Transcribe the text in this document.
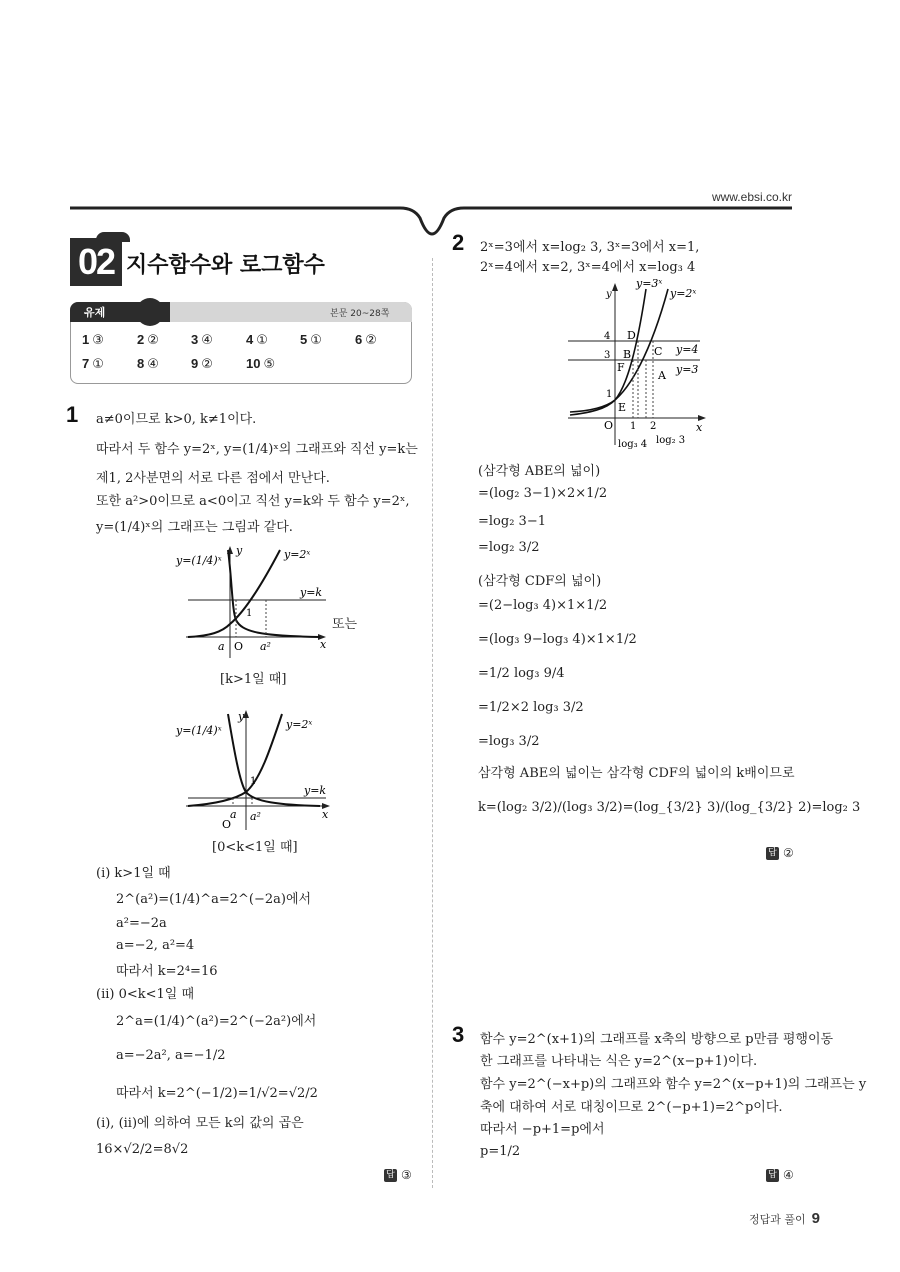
www.ebsi.co.kr
02 지수함수와 로그함수
유제	본문 20~28쪽
1 ③	2 ② 3 ④	4 ① 5 ①	6 ②
7 ①	8 ④ 9 ②	10 ⑤
1 a≠0이므로 k>0, k≠1이다.
따라서 두 함수 y=2ˣ, y=(1/4)ˣ의 그래프와 직선 y=k는
제1, 2사분면의 서로 다른 점에서 만난다.
또한 a²>0이므로 a<0이고 직선 y=k와 두 함수 y=2ˣ,
y=(1/4)ˣ의 그래프는 그림과 같다.
y=(1/4)ˣ	y=2ˣ
y=k
y
x
1
a O a²
또는
[k>1일 때]
y=(1/4)ˣ	y=2ˣ
y=k
y
x
1
a a²
O
[0<k<1일 때]
(i) k>1일 때
2^(a²)=(1/4)^a=2^(−2a)에서
a²=−2a
a=−2, a²=4
따라서 k=2⁴=16
(ii) 0<k<1일 때
2^a=(1/4)^(a²)=2^(−2a²)에서
a=−2a², a=−1/2
따라서 k=2^(−1/2)=1/√2=√2/2
(i), (ii)에 의하여 모든 k의 값의 곱은
16×√2/2=8√2
답 ③
2 2ˣ=3에서 x=log₂ 3, 3ˣ=3에서 x=1,
2ˣ=4에서 x=2, 3ˣ=4에서 x=log₃ 4
y=3ˣ
y=2ˣ
y=4
y=3
y
x
O
4
3
1
1 2
D
B C
F
A
E
log₃ 4 log₂ 3
(삼각형 ABE의 넓이)
=(log₂ 3−1)×2×1/2
=log₂ 3−1
=log₂ 3/2
(삼각형 CDF의 넓이)
=(2−log₃ 4)×1×1/2
=(log₃ 9−log₃ 4)×1×1/2
=1/2 log₃ 9/4
=1/2×2 log₃ 3/2
=log₃ 3/2
삼각형 ABE의 넓이는 삼각형 CDF의 넓이의 k배이므로
k=(log₂ 3/2)/(log₃ 3/2)=(log_{3/2} 3)/(log_{3/2} 2)=log₂ 3
답 ②
3 함수 y=2^(x+1)의 그래프를 x축의 방향으로 p만큼 평행이동
한 그래프를 나타내는 식은 y=2^(x−p+1)이다.
함수 y=2^(−x+p)의 그래프와 함수 y=2^(x−p+1)의 그래프는 y
축에 대하여 서로 대칭이므로 2^(−p+1)=2^p이다.
따라서 −p+1=p에서
p=1/2
답 ④
정답과 풀이 9
